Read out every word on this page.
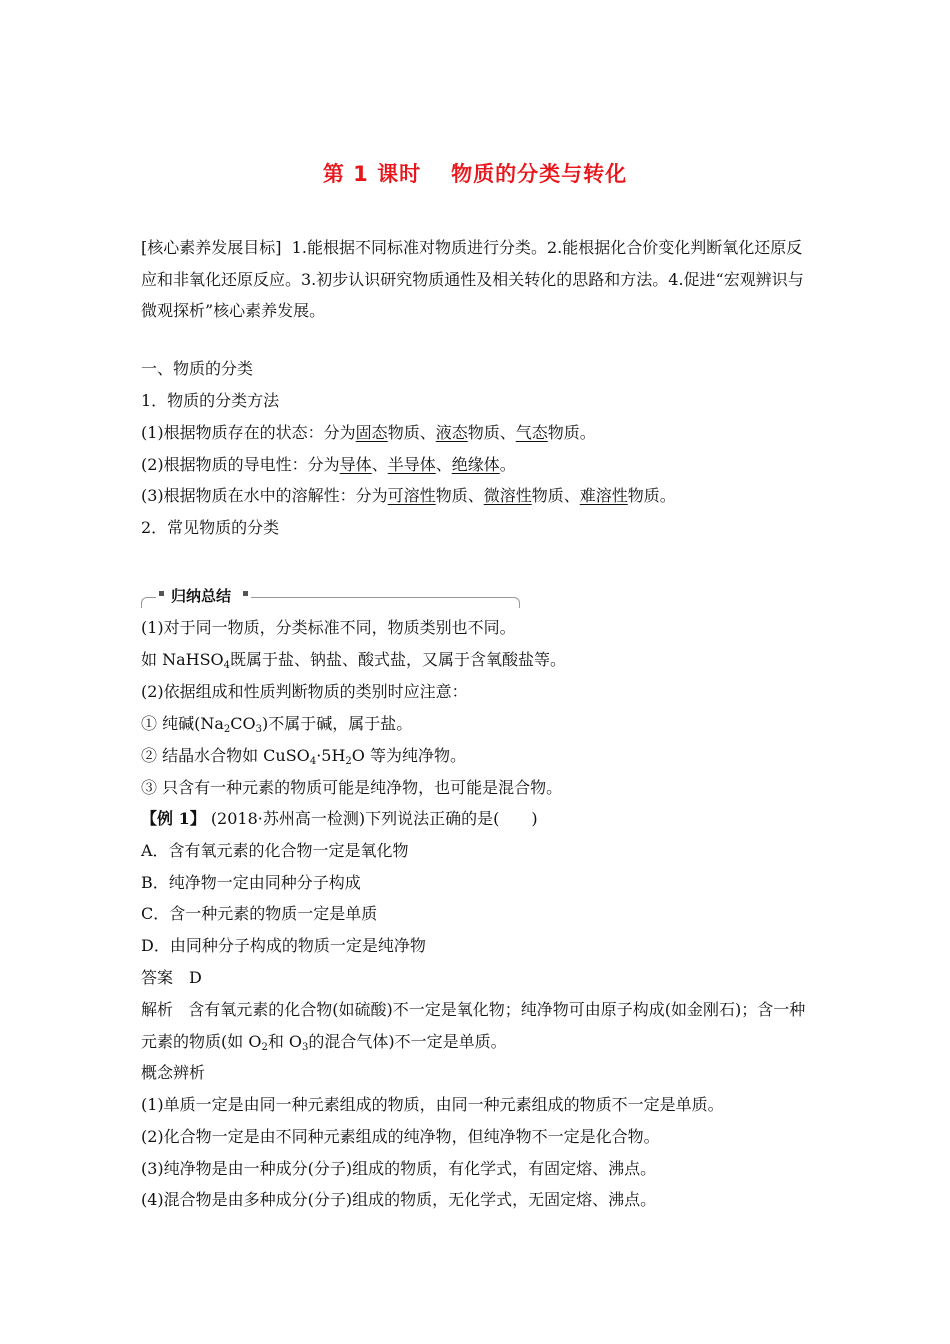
第 1 课时 物质的分类与转化
[核心素养发展目标] 1.能根据不同标准对物质进行分类。2.能根据化合价变化判断氧化还原反应和非氧化还原反应。3.初步认识研究物质通性及相关转化的思路和方法。4.促进“宏观辨识与微观探析”核心素养发展。
一、物质的分类
1．物质的分类方法
(1)根据物质存在的状态：分为固态物质、液态物质、气态物质。
(2)根据物质的导电性：分为导体、半导体、绝缘体。
(3)根据物质在水中的溶解性：分为可溶性物质、微溶性物质、难溶性物质。
2．常见物质的分类
归纳总结
(1)对于同一物质，分类标准不同，物质类别也不同。
如 NaHSO$_4$既属于盐、钠盐、酸式盐，又属于含氧酸盐等。
(2)依据组成和性质判断物质的类别时应注意：
① 纯碱$(Na_2CO_3)$不属于碱，属于盐。
② 结晶水合物如 $CuSO_4\cdot 5H_2O$ 等为纯净物。
③ 只含有一种元素的物质可能是纯净物，也可能是混合物。
【例 1】 (2018·苏州高一检测)下列说法正确的是(　　)
A．含有氧元素的化合物一定是氧化物
B．纯净物一定由同种分子构成
C．含一种元素的物质一定是单质
D．由同种分子构成的物质一定是纯净物
答案　D
解析 含有氧元素的化合物(如硫酸)不一定是氧化物；纯净物可由原子构成(如金刚石)；含一种元素的物质(如 $O_2$和 $O_3$的混合气体)不一定是单质。
概念辨析
(1)单质一定是由同一种元素组成的物质，由同一种元素组成的物质不一定是单质。
(2)化合物一定是由不同种元素组成的纯净物，但纯净物不一定是化合物。
(3)纯净物是由一种成分(分子)组成的物质，有化学式，有固定熔、沸点。
(4)混合物是由多种成分(分子)组成的物质，无化学式，无固定熔、沸点。
